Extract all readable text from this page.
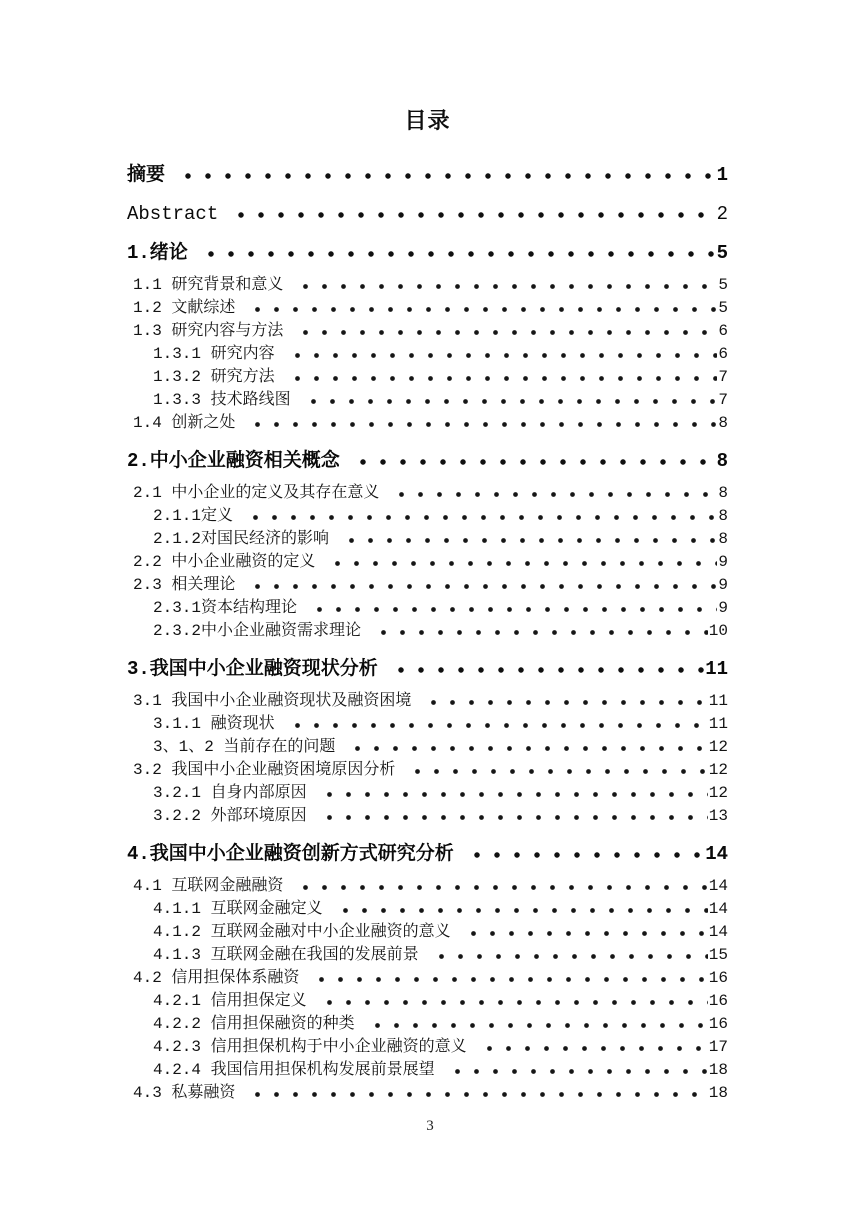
目录
摘要	1
Abstract	2
1.绪论	5
1.1 研究背景和意义	5
1.2 文献综述	5
1.3 研究内容与方法	6
1.3.1 研究内容	6
1.3.2 研究方法	7
1.3.3 技术路线图	7
1.4 创新之处	8
2.中小企业融资相关概念	8
2.1 中小企业的定义及其存在意义	8
2.1.1定义	8
2.1.2对国民经济的影响	8
2.2 中小企业融资的定义	9
2.3 相关理论	9
2.3.1资本结构理论	9
2.3.2中小企业融资需求理论	10
3.我国中小企业融资现状分析	11
3.1 我国中小企业融资现状及融资困境	11
3.1.1 融资现状	11
3、1、2 当前存在的问题	12
3.2 我国中小企业融资困境原因分析	12
3.2.1 自身内部原因	12
3.2.2 外部环境原因	13
4.我国中小企业融资创新方式研究分析	14
4.1 互联网金融融资	14
4.1.1 互联网金融定义	14
4.1.2 互联网金融对中小企业融资的意义	14
4.1.3 互联网金融在我国的发展前景	15
4.2 信用担保体系融资	16
4.2.1 信用担保定义	16
4.2.2 信用担保融资的种类	16
4.2.3 信用担保机构于中小企业融资的意义	17
4.2.4 我国信用担保机构发展前景展望	18
4.3 私募融资	18
3
